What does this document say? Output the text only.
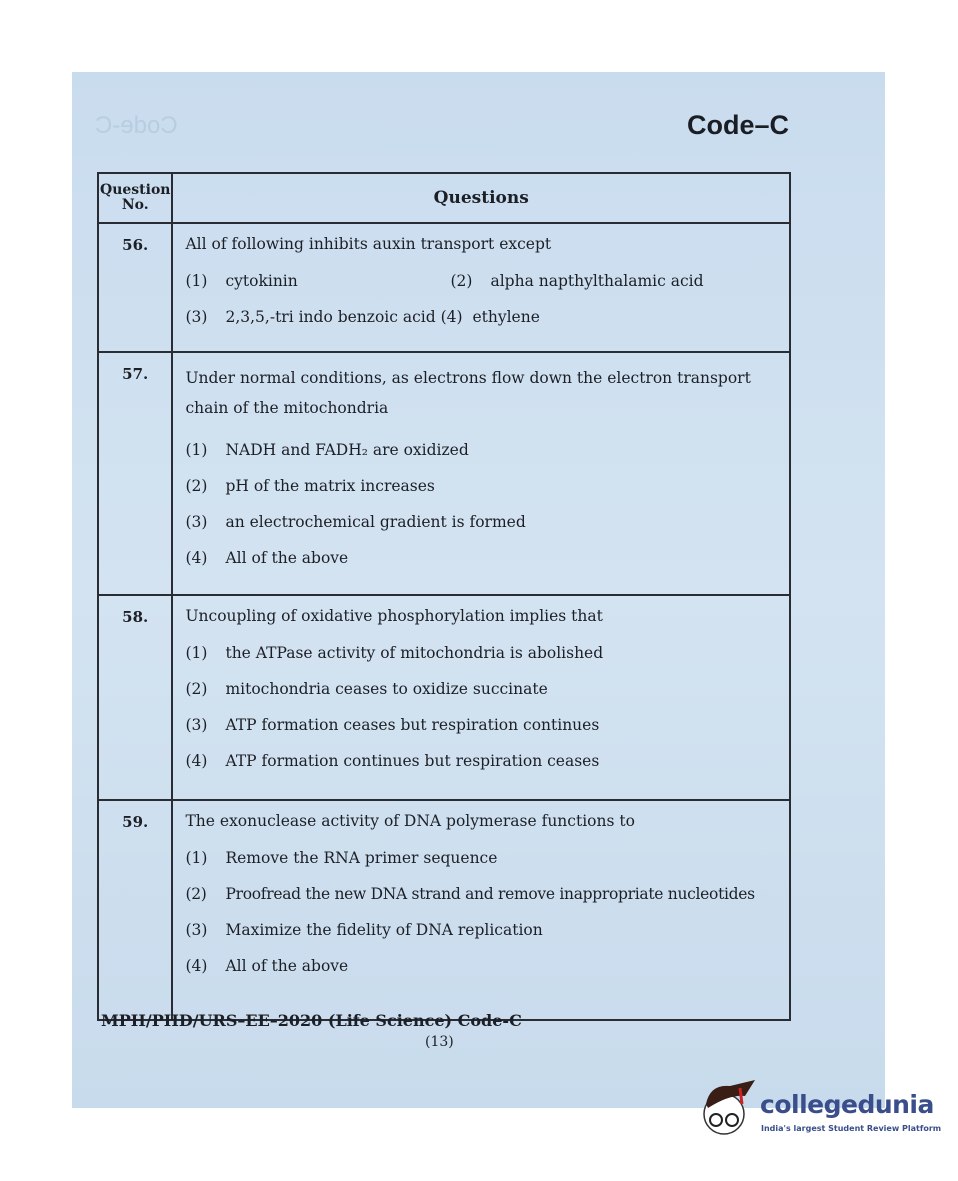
Code-C	Code–C
Question No.	Questions
56.	All of following inhibits auxin transport except
(1) cytokinin (2) alpha napthylthalamic acid
(3) 2,3,5,-tri indo benzoic acid (4) ethylene

57.	Under normal conditions, as electrons flow down the electron transport chain of the mitochondria
(1) NADH and FADH₂ are oxidized
(2) pH of the matrix increases
(3) an electrochemical gradient is formed
(4) All of the above

58.	Uncoupling of oxidative phosphorylation implies that
(1) the ATPase activity of mitochondria is abolished
(2) mitochondria ceases to oxidize succinate
(3) ATP formation ceases but respiration continues
(4) ATP formation continues but respiration ceases

59.	The exonuclease activity of DNA polymerase functions to
(1) Remove the RNA primer sequence
(2) Proofread the new DNA strand and remove inappropriate nucleotides
(3) Maximize the fidelity of DNA replication
(4) All of the above
MPH/PHD/URS–EE–2020 (Life Science) Code-C
(13)
collegedunia
India's largest Student Review Platform
